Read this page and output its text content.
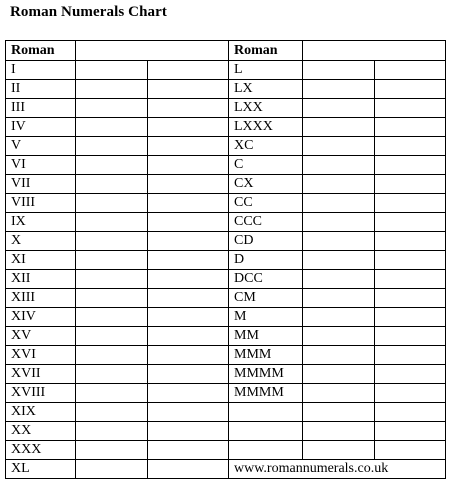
Roman Numerals Chart
Roman			Roman		
I				L		
II				LX		
III				LXX		
IV				LXXX		
V				XC		
VI				C		
VII				CX		
VIII				CC		
IX				CCC		
X				CD		
XI				D		
XII				DCC		
XIII				CM		
XIV				M		
XV				MM		
XVI				MMM		
XVII				MMMM		
XVIII				MMMM		
XIX						
XX						
XXX						
XL				www.romannumerals.co.uk		
